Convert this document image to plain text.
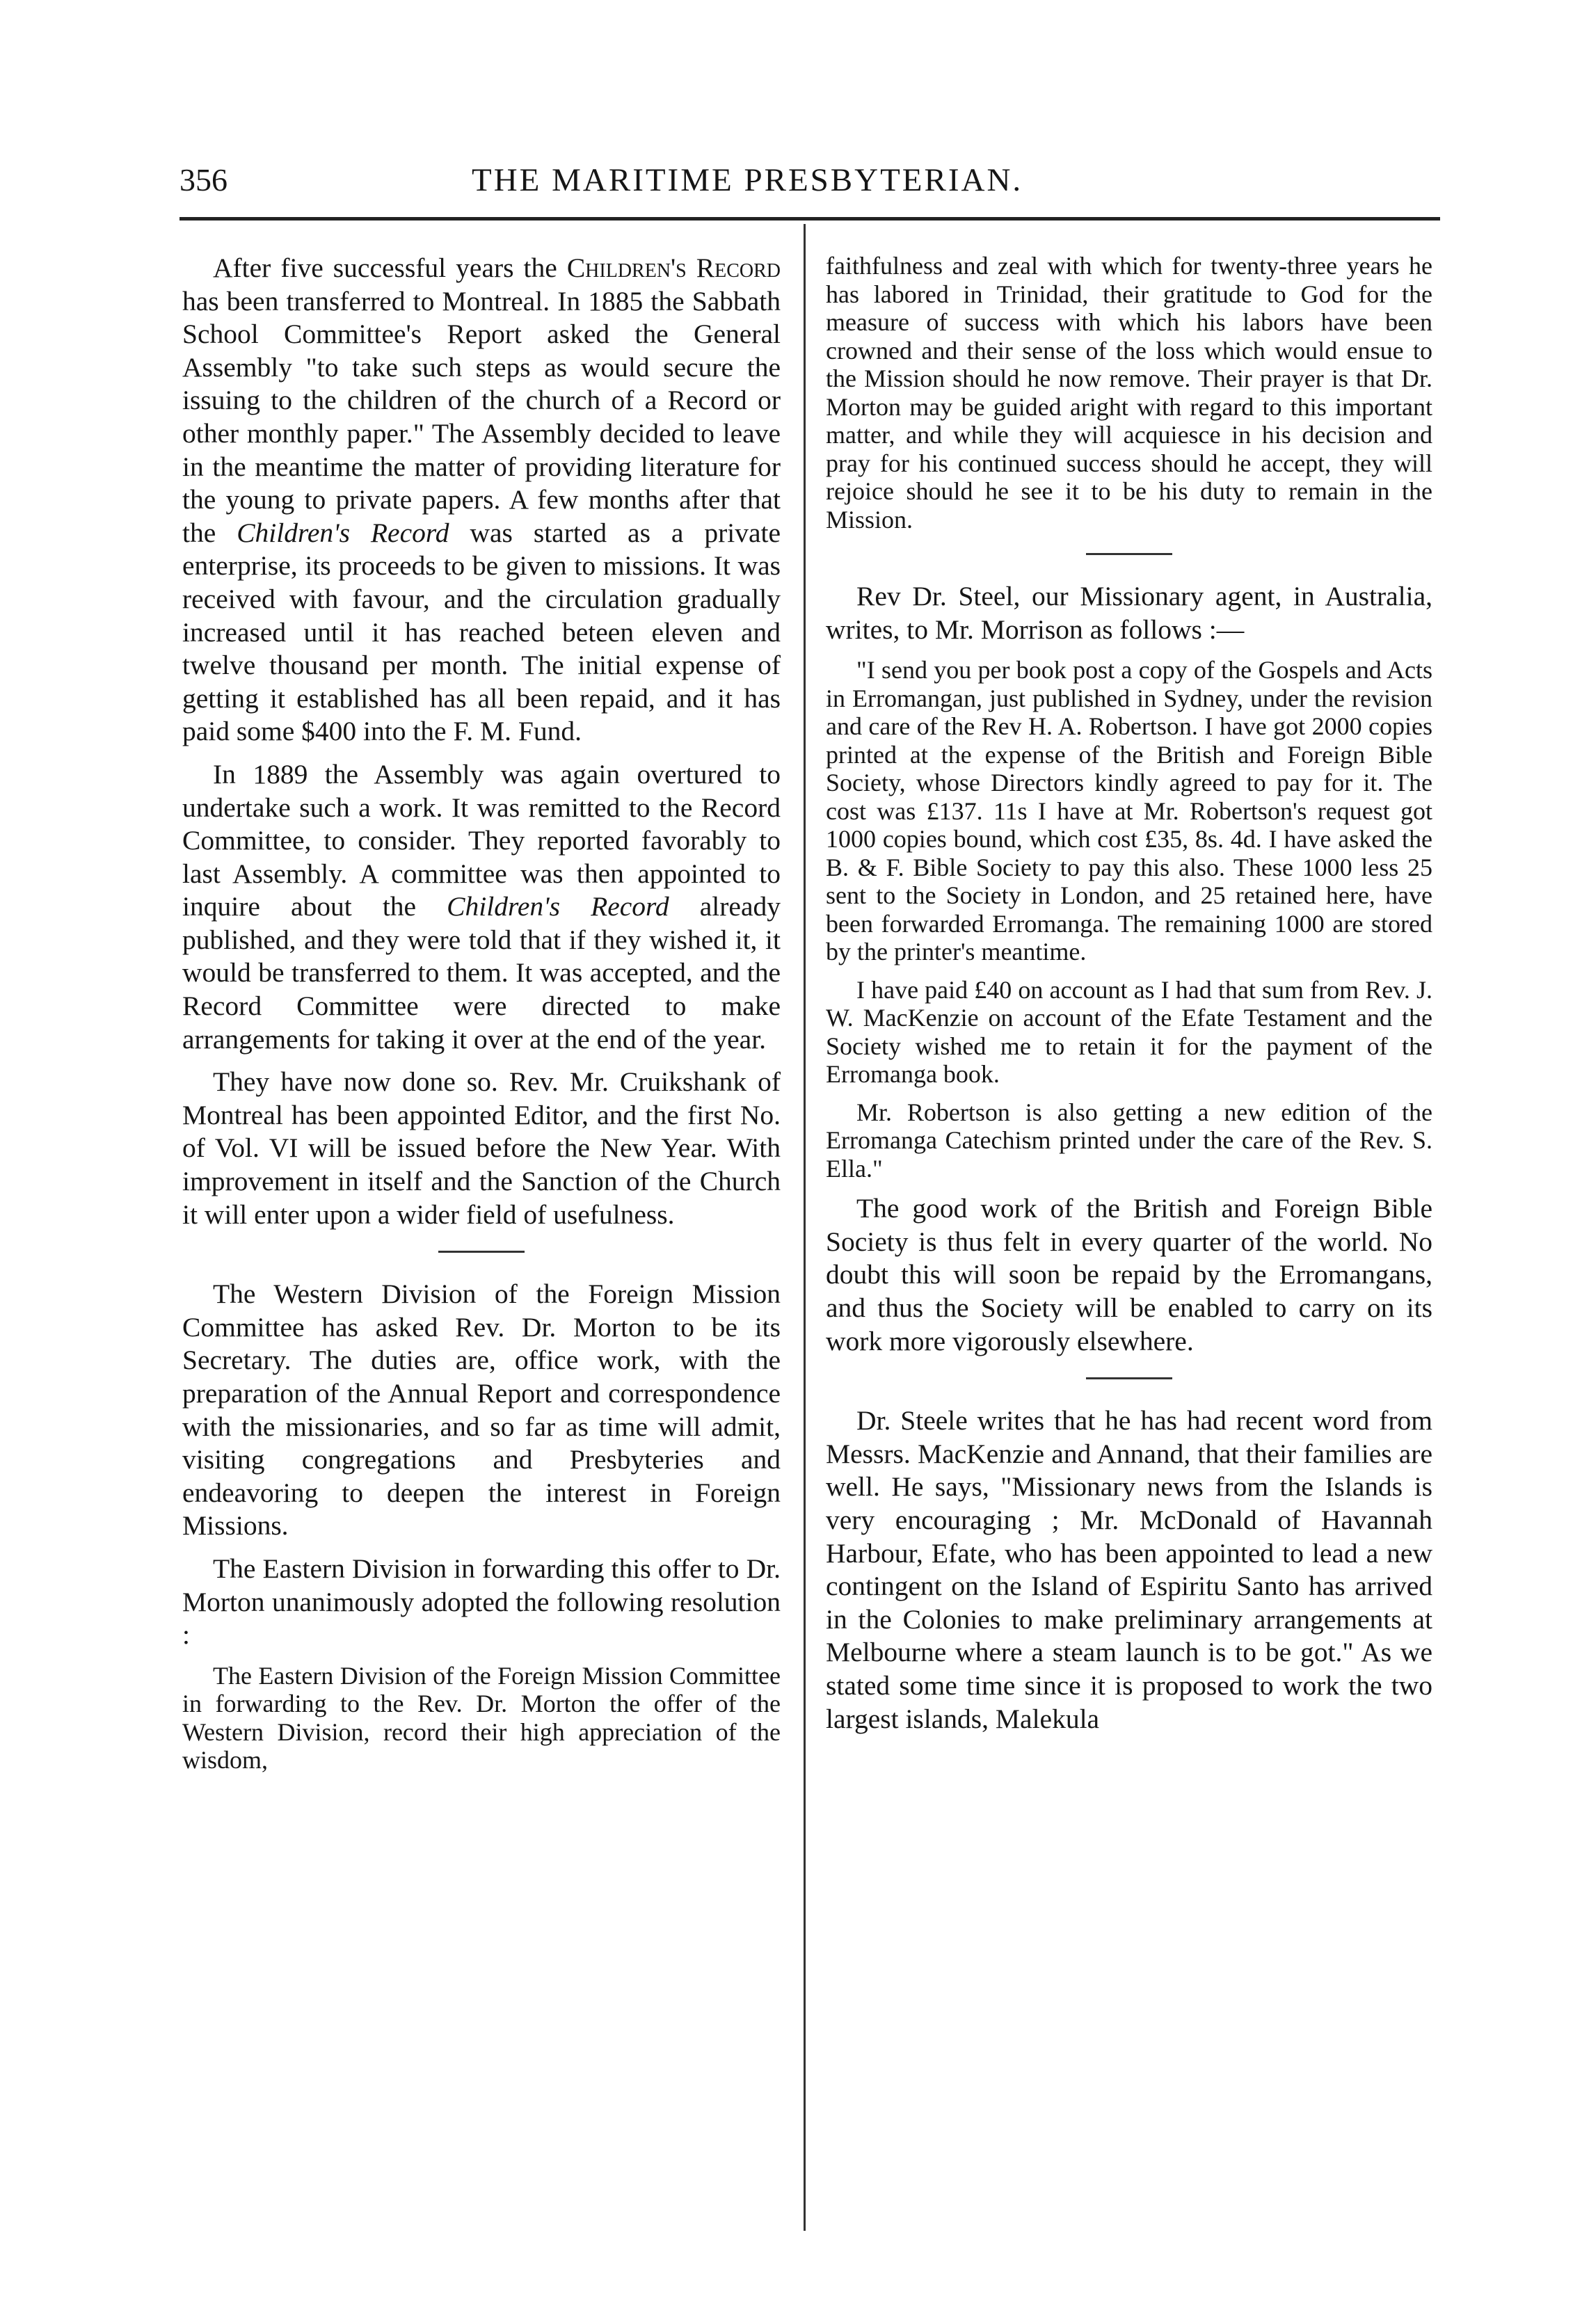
356	THE MARITIME PRESBYTERIAN.

After five successful years the Children's Record has been transferred to Montreal. In 1885 the Sabbath School Committee's Report asked the General Assembly "to take such steps as would secure the issuing to the children of the church of a Record or other monthly paper." The Assembly decided to leave in the meantime the matter of providing literature for the young to private papers. A few months after that the Children's Record was started as a private enterprise, its proceeds to be given to missions. It was received with favour, and the circulation gradually increased until it has reached beteen eleven and twelve thousand per month. The initial expense of getting it established has all been repaid, and it has paid some $400 into the F. M. Fund.

In 1889 the Assembly was again overtured to undertake such a work. It was remitted to the Record Committee, to consider. They reported favorably to last Assembly. A committee was then appointed to inquire about the Children's Record already published, and they were told that if they wished it, it would be transferred to them. It was accepted, and the Record Committee were directed to make arrangements for taking it over at the end of the year.

They have now done so. Rev. Mr. Cruikshank of Montreal has been appointed Editor, and the first No. of Vol. VI will be issued before the New Year. With improvement in itself and the Sanction of the Church it will enter upon a wider field of usefulness.

The Western Division of the Foreign Mission Committee has asked Rev. Dr. Morton to be its Secretary. The duties are, office work, with the preparation of the Annual Report and correspondence with the missionaries, and so far as time will admit, visiting congregations and Presbyteries and endeavoring to deepen the interest in Foreign Missions.

The Eastern Division in forwarding this offer to Dr. Morton unanimously adopted the following resolution :

The Eastern Division of the Foreign Mission Committee in forwarding to the Rev. Dr. Morton the offer of the Western Division, record their high appreciation of the wisdom,

faithfulness and zeal with which for twenty-three years he has labored in Trinidad, their gratitude to God for the measure of success with which his labors have been crowned and their sense of the loss which would ensue to the Mission should he now remove. Their prayer is that Dr. Morton may be guided aright with regard to this important matter, and while they will acquiesce in his decision and pray for his continued success should he accept, they will rejoice should he see it to be his duty to remain in the Mission.

Rev Dr. Steel, our Missionary agent, in Australia, writes, to Mr. Morrison as follows :—

"I send you per book post a copy of the Gospels and Acts in Erromangan, just published in Sydney, under the revision and care of the Rev H. A. Robertson. I have got 2000 copies printed at the expense of the British and Foreign Bible Society, whose Directors kindly agreed to pay for it. The cost was £137. 11s I have at Mr. Robertson's request got 1000 copies bound, which cost £35, 8s. 4d. I have asked the B. & F. Bible Society to pay this also. These 1000 less 25 sent to the Society in London, and 25 retained here, have been forwarded Erromanga. The remaining 1000 are stored by the printer's meantime.

I have paid £40 on account as I had that sum from Rev. J. W. MacKenzie on account of the Efate Testament and the Society wished me to retain it for the payment of the Erromanga book.

Mr. Robertson is also getting a new edition of the Erromanga Catechism printed under the care of the Rev. S. Ella."

The good work of the British and Foreign Bible Society is thus felt in every quarter of the world. No doubt this will soon be repaid by the Erromangans, and thus the Society will be enabled to carry on its work more vigorously elsewhere.

Dr. Steele writes that he has had recent word from Messrs. MacKenzie and Annand, that their families are well. He says, "Missionary news from the Islands is very encouraging ; Mr. McDonald of Havannah Harbour, Efate, who has been appointed to lead a new contingent on the Island of Espiritu Santo has arrived in the Colonies to make preliminary arrangements at Melbourne where a steam launch is to be got." As we stated some time since it is proposed to work the two largest islands, Malekula
